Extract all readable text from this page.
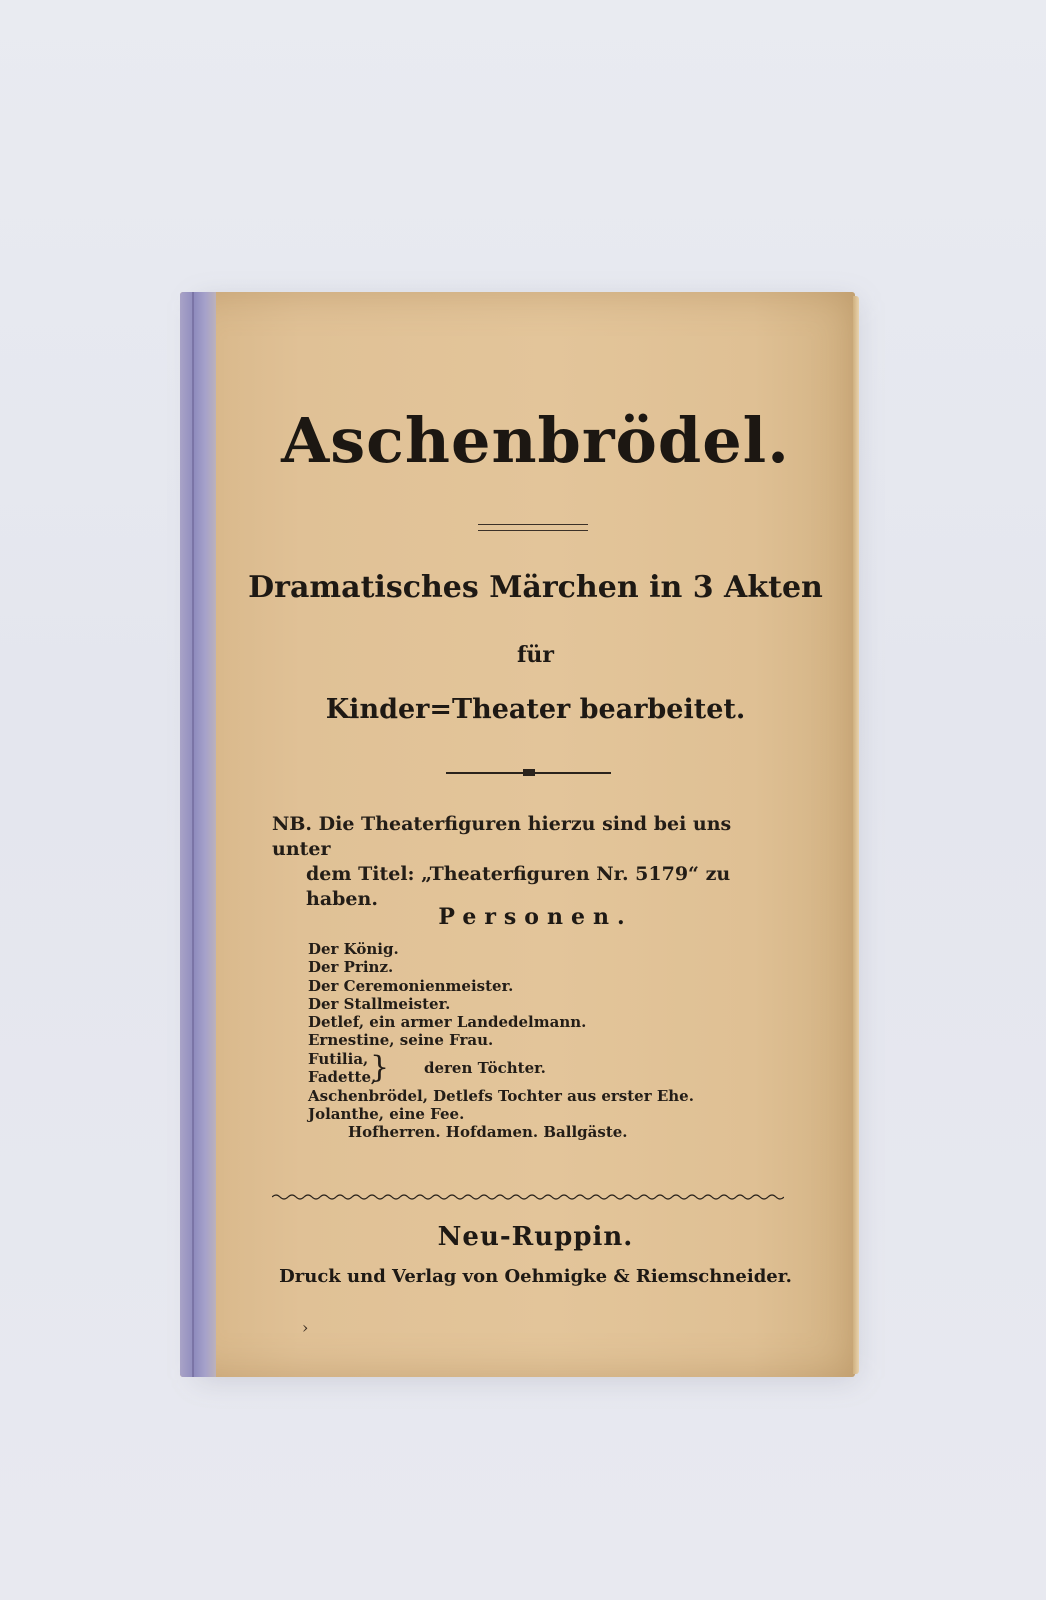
Aschenbrödel.
Dramatisches Märchen in 3 Akten
für
Kinder=Theater bearbeitet.
NB. Die Theaterfiguren hierzu sind bei uns unter
dem Titel: „Theaterfiguren Nr. 5179“ zu haben.
Personen.
Der König.
Der Prinz.
Der Ceremonienmeister.
Der Stallmeister.
Detlef, ein armer Landedelmann.
Ernestine, seine Frau.
Futilia,
Fadette,
} deren Töchter.
Aschenbrödel, Detlefs Tochter aus erster Ehe.
Jolanthe, eine Fee.
Hofherren. Hofdamen. Ballgäste.
Neu-Ruppin.
Druck und Verlag von Oehmigke & Riemschneider.
›
